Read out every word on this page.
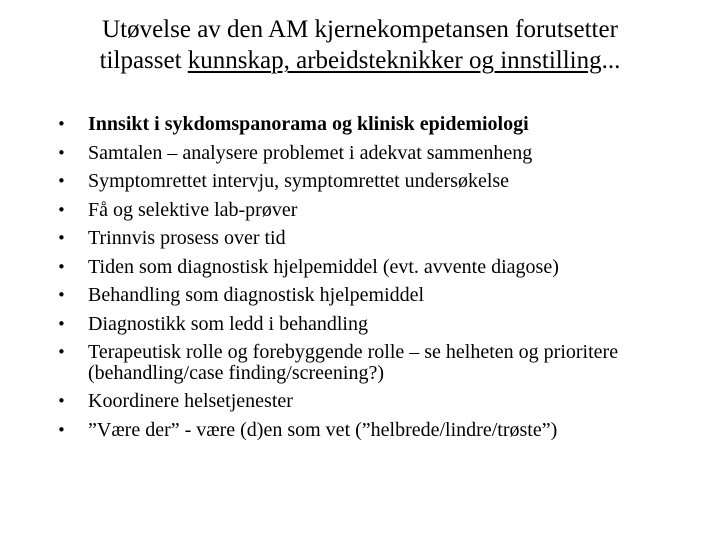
Utøvelse av den AM kjernekompetansen forutsetter
tilpasset kunnskap, arbeidsteknikker og innstilling...
• Innsikt i sykdomspanorama og klinisk epidemiologi
• Samtalen – analysere problemet i adekvat sammenheng
• Symptomrettet intervju, symptomrettet undersøkelse
• Få og selektive lab-prøver
• Trinnvis prosess over tid
• Tiden som diagnostisk hjelpemiddel (evt. avvente diagose)
• Behandling som diagnostisk hjelpemiddel
• Diagnostikk som ledd i behandling
• Terapeutisk rolle og forebyggende rolle – se helheten og prioritere (behandling/case finding/screening?)
• Koordinere helsetjenester
• ”Være der” - være (d)en som vet (”helbrede/lindre/trøste”)
